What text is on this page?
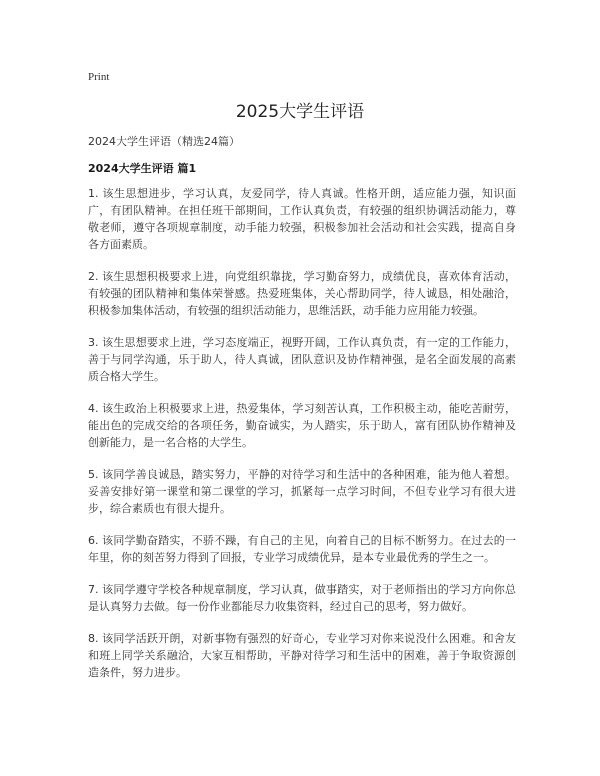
Print
2025大学生评语
2024大学生评语（精选24篇）
2024大学生评语 篇1

1. 该生思想进步，学习认真，友爱同学，待人真诚。性格开朗，适应能力强，知识面广，有团队精神。在担任班干部期间，工作认真负责，有较强的组织协调活动能力，尊敬老师，遵守各项规章制度，动手能力较强，积极参加社会活动和社会实践，提高自身各方面素质。

2. 该生思想积极要求上进，向党组织靠拢，学习勤奋努力，成绩优良，喜欢体育活动，有较强的团队精神和集体荣誉感。热爱班集体，关心帮助同学，待人诚恳，相处融洽，积极参加集体活动，有较强的组织活动能力，思维活跃，动手能力应用能力较强。

3. 该生思想要求上进，学习态度端正，视野开阔，工作认真负责，有一定的工作能力，善于与同学沟通，乐于助人，待人真诚，团队意识及协作精神强，是名全面发展的高素质合格大学生。

4. 该生政治上积极要求上进，热爱集体，学习刻苦认真，工作积极主动，能吃苦耐劳，能出色的完成交给的各项任务，勤奋诚实，为人踏实，乐于助人，富有团队协作精神及创新能力，是一名合格的大学生。

5. 该同学善良诚恳，踏实努力，平静的对待学习和生活中的各种困难，能为他人着想。妥善安排好第一课堂和第二课堂的学习，抓紧每一点学习时间，不但专业学习有很大进步，综合素质也有很大提升。

6. 该同学勤奋踏实，不骄不躁，有自己的主见，向着自己的目标不断努力。在过去的一年里，你的刻苦努力得到了回报，专业学习成绩优异，是本专业最优秀的学生之一。

7. 该同学遵守学校各种规章制度，学习认真，做事踏实，对于老师指出的学习方向你总是认真努力去做。每一份作业都能尽力收集资料，经过自己的思考，努力做好。

8. 该同学活跃开朗，对新事物有强烈的好奇心，专业学习对你来说没什么困难。和舍友和班上同学关系融洽，大家互相帮助，平静对待学习和生活中的困难，善于争取资源创造条件，努力进步。
